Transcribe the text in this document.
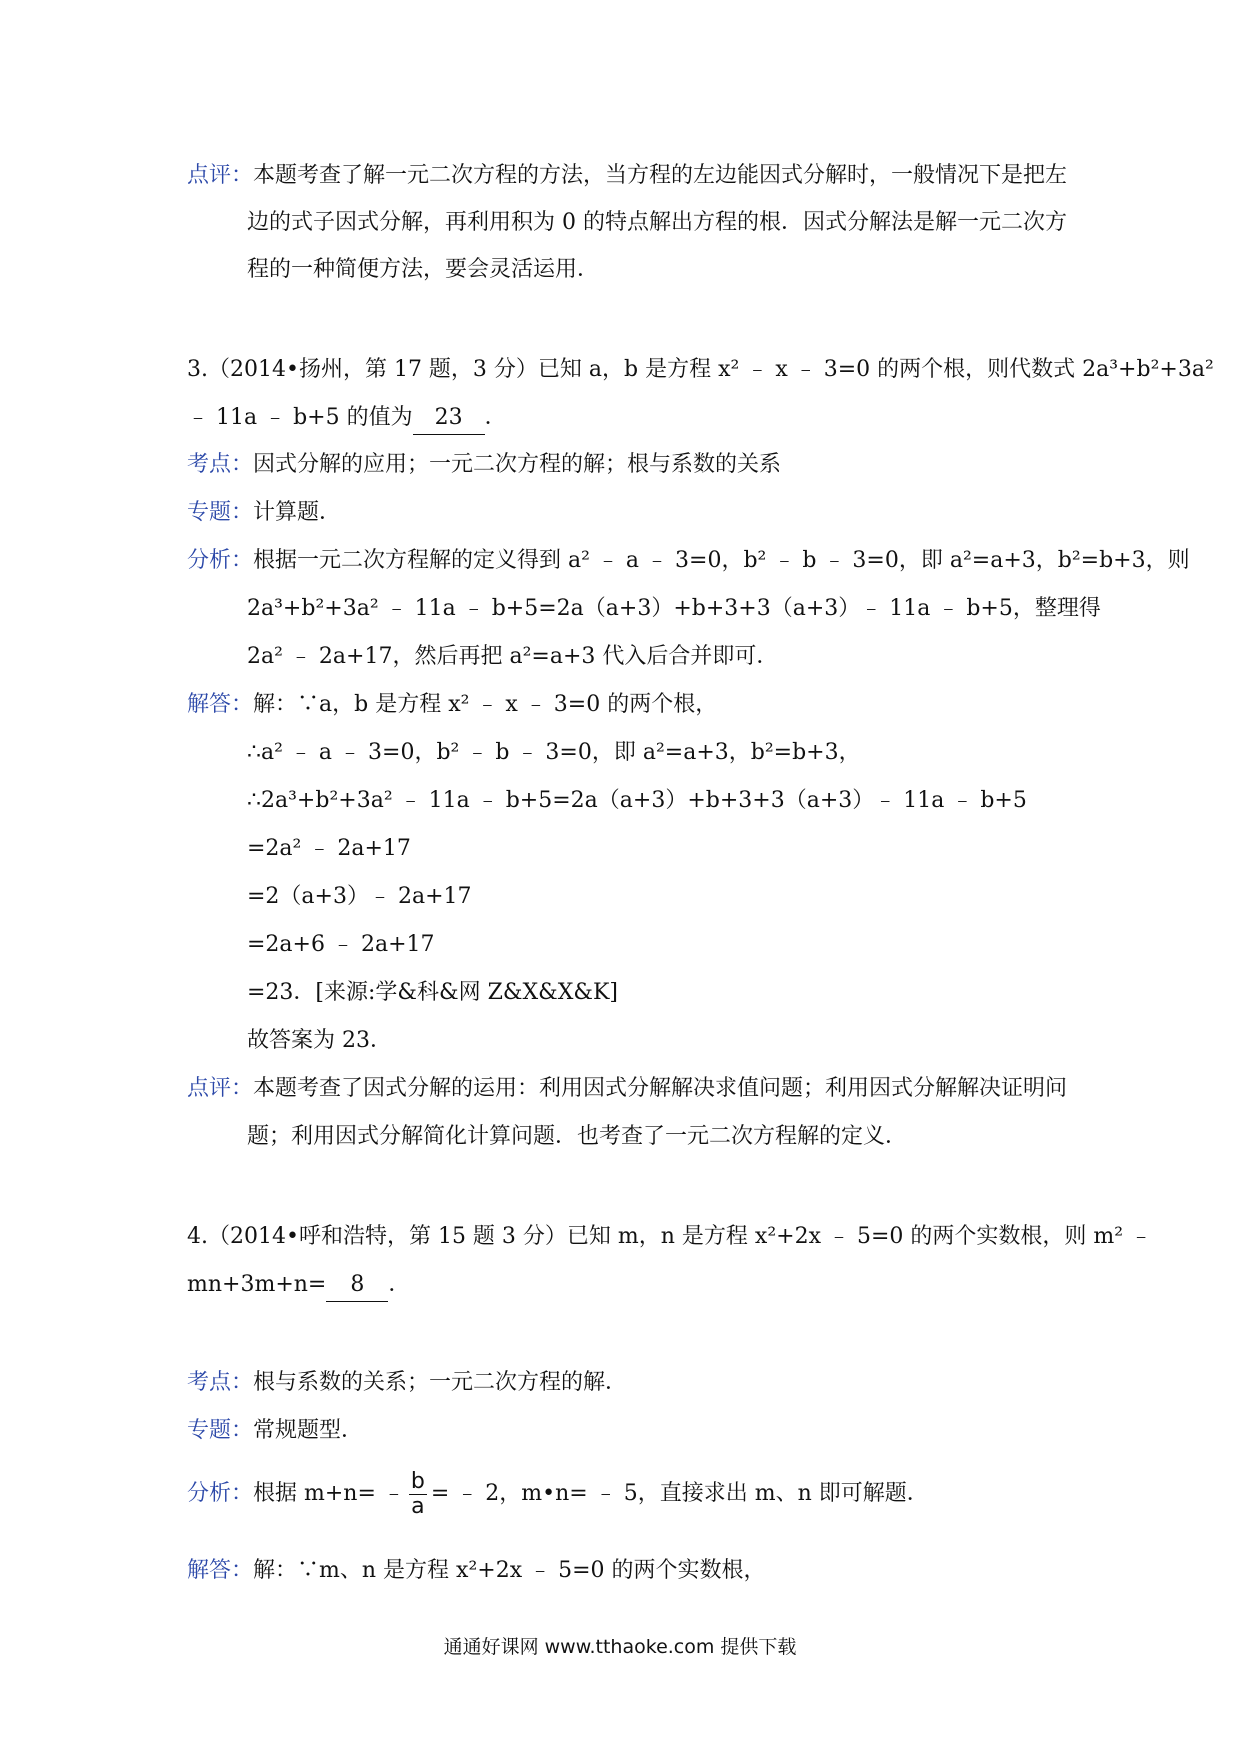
点评：本题考查了解一元二次方程的方法，当方程的左边能因式分解时，一般情况下是把左
边的式子因式分解，再利用积为 0 的特点解出方程的根．因式分解法是解一元二次方
程的一种简便方法，要会灵活运用．
3.（2014•扬州，第 17 题，3 分）已知 a，b 是方程 x² ﹣ x ﹣ 3=0 的两个根，则代数式 2a³+b²+3a²
﹣ 11a ﹣ b+5 的值为 23 ．
考点：因式分解的应用；一元二次方程的解；根与系数的关系
专题：计算题．
分析：根据一元二次方程解的定义得到 a² ﹣ a ﹣ 3=0，b² ﹣ b ﹣ 3=0，即 a²=a+3，b²=b+3，则
2a³+b²+3a² ﹣ 11a ﹣ b+5=2a（a+3）+b+3+3（a+3）﹣ 11a ﹣ b+5，整理得
2a² ﹣ 2a+17，然后再把 a²=a+3 代入后合并即可．
解答：解：∵a，b 是方程 x² ﹣ x ﹣ 3=0 的两个根，
∴a² ﹣ a ﹣ 3=0，b² ﹣ b ﹣ 3=0，即 a²=a+3，b²=b+3，
∴2a³+b²+3a² ﹣ 11a ﹣ b+5=2a（a+3）+b+3+3（a+3）﹣ 11a ﹣ b+5
=2a² ﹣ 2a+17
=2（a+3）﹣ 2a+17
=2a+6 ﹣ 2a+17
=23．[来源:学&科&网 Z&X&X&K]
故答案为 23．
点评：本题考查了因式分解的运用：利用因式分解解决求值问题；利用因式分解解决证明问
题；利用因式分解简化计算问题．也考查了一元二次方程解的定义．
4.（2014•呼和浩特，第 15 题 3 分）已知 m，n 是方程 x²+2x ﹣ 5=0 的两个实数根，则 m² ﹣
mn+3m+n= 8 ．
考点：根与系数的关系；一元二次方程的解．
专题：常规题型．
分析：根据 m+n= ﹣ $\frac{b}{a}$ = ﹣ 2，m•n= ﹣ 5，直接求出 m、n 即可解题．
解答：解：∵m、n 是方程 x²+2x ﹣ 5=0 的两个实数根，
通通好课网 www.tthaoke.com 提供下载
